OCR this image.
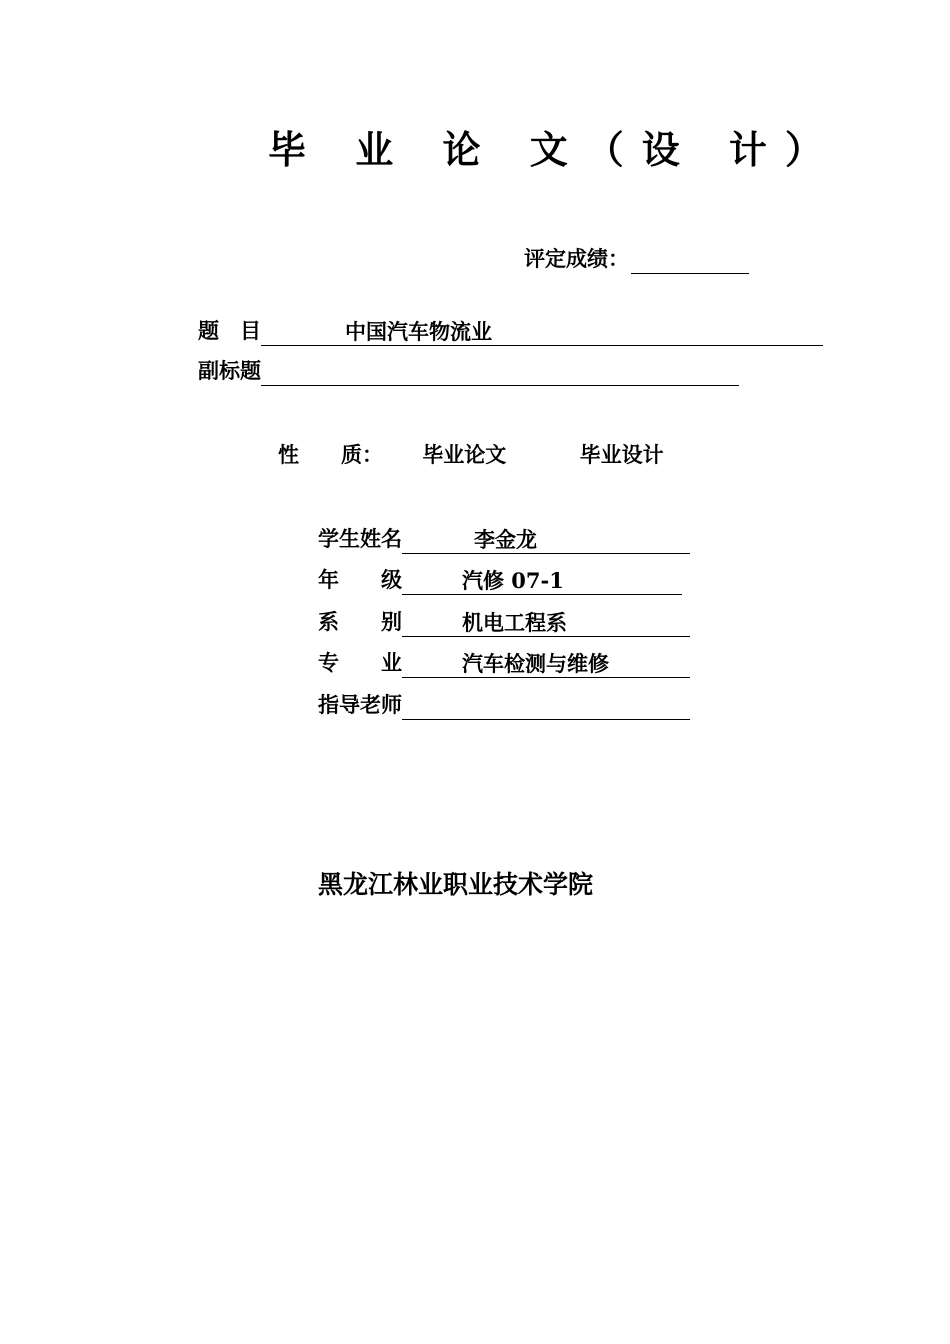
毕 业 论 文（设 计）
评定成绩：
题　目	中国汽车物流业
副标题
性　　质： 毕业论文	毕业设计
学生姓名	李金龙
年　　级	汽修 07-1
系　　别	机电工程系
专　　业	汽车检测与维修
指导老师
黑龙江林业职业技术学院
